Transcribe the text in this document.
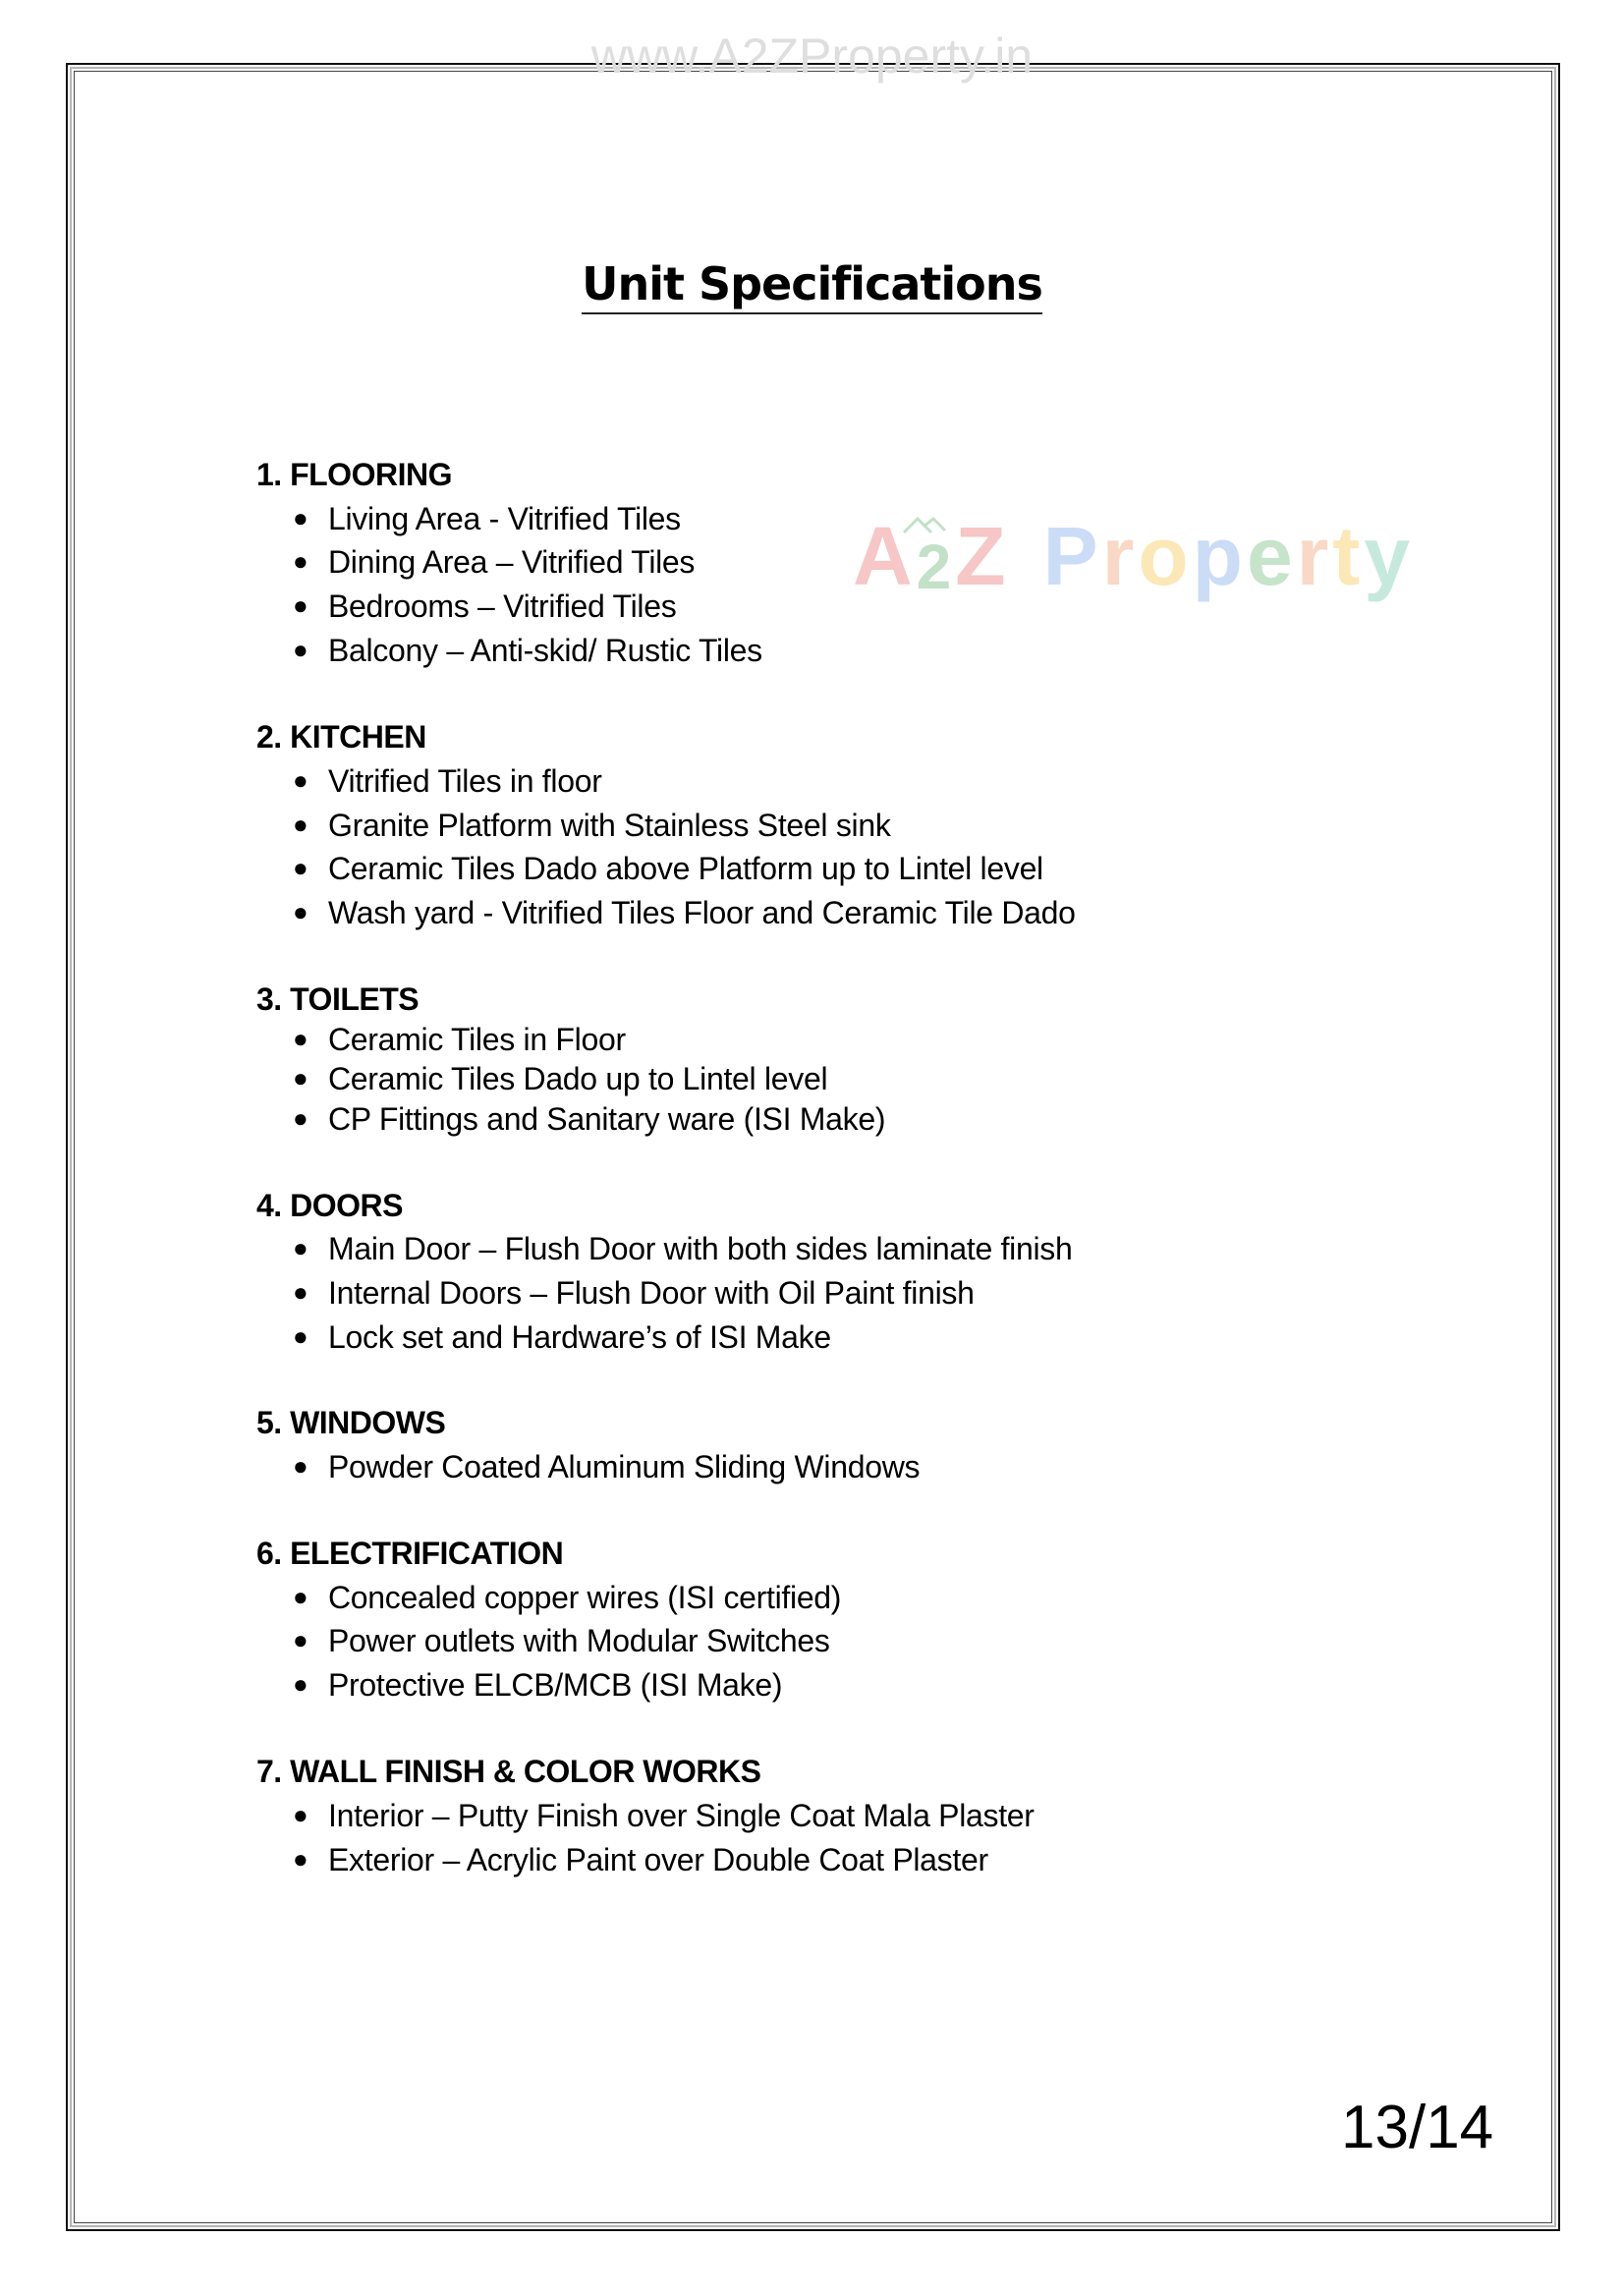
www.A2ZProperty.in
A2Z Property
Unit Specifications
1. FLOORING
● Living Area - Vitrified Tiles
● Dining Area – Vitrified Tiles
● Bedrooms – Vitrified Tiles
● Balcony – Anti-skid/ Rustic Tiles
2. KITCHEN
● Vitrified Tiles in floor
● Granite Platform with Stainless Steel sink
● Ceramic Tiles Dado above Platform up to Lintel level
● Wash yard - Vitrified Tiles Floor and Ceramic Tile Dado
3. TOILETS
● Ceramic Tiles in Floor
● Ceramic Tiles Dado up to Lintel level
● CP Fittings and Sanitary ware (ISI Make)
4. DOORS
● Main Door – Flush Door with both sides laminate finish
● Internal Doors – Flush Door with Oil Paint finish
● Lock set and Hardware’s of ISI Make
5. WINDOWS
● Powder Coated Aluminum Sliding Windows
6. ELECTRIFICATION
● Concealed copper wires (ISI certified)
● Power outlets with Modular Switches
● Protective ELCB/MCB (ISI Make)
7. WALL FINISH & COLOR WORKS
● Interior – Putty Finish over Single Coat Mala Plaster
● Exterior – Acrylic Paint over Double Coat Plaster
13/14
